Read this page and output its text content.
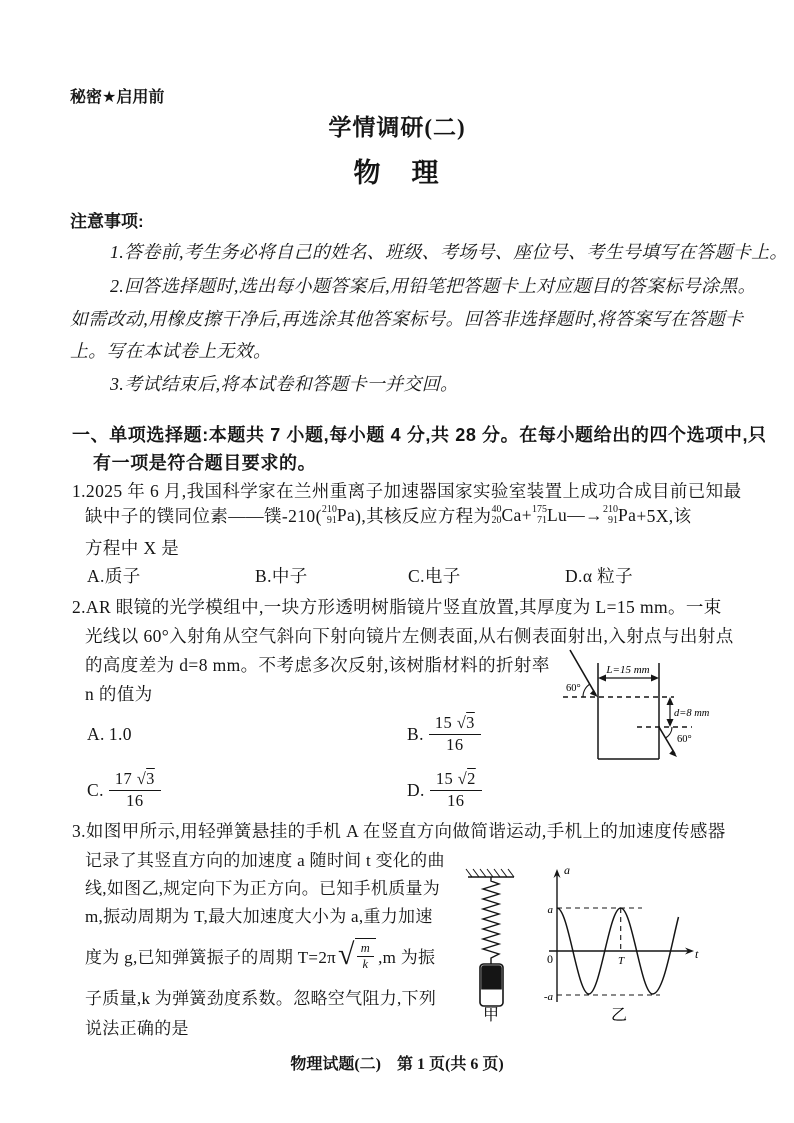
秘密★启用前
学情调研(二)
物　理
注意事项:
1.答卷前,考生务必将自己的姓名、班级、考场号、座位号、考生号填写在答题卡上。
2.回答选择题时,选出每小题答案后,用铅笔把答题卡上对应题目的答案标号涂黑。
如需改动,用橡皮擦干净后,再选涂其他答案标号。回答非选择题时,将答案写在答题卡
上。写在本试卷上无效。
3.考试结束后,将本试卷和答题卡一并交回。
一、单项选择题:本题共 7 小题,每小题 4 分,共 28 分。在每小题给出的四个选项中,只
有一项是符合题目要求的。
1.2025 年 6 月,我国科学家在兰州重离子加速器国家实验室装置上成功合成目前已知最
缺中子的镤同位素——镤-210( 210
91 Pa ),其核反应方程为 40
20 Ca + 175
71 Lu —→ 210
91 Pa +5X,该
方程中 X 是
A.质子	B.中子	C.电子	D.α 粒子
2.AR 眼镜的光学模组中,一块方形透明树脂镜片竖直放置,其厚度为 L=15 mm。一束
光线以 60°入射角从空气斜向下射向镜片左侧表面,从右侧表面射出,入射点与出射点
的高度差为 d=8 mm。不考虑多次反射,该树脂材料的折射率
n 的值为
A. 1.0	B.
15 √3
16
C.
17 √3
16
D.
15 √2
16
L=15 mm
60°
d=8 mm
60°
3.如图甲所示,用轻弹簧悬挂的手机 A 在竖直方向做简谐运动,手机上的加速度传感器
记录了其竖直方向的加速度 a 随时间 t 变化的曲
线,如图乙,规定向下为正方向。已知手机质量为
m,振动周期为 T,最大加速度大小为 a,重力加速
度为 g,已知弹簧振子的周期 T=2π √ m
k ,m 为振
子质量,k 为弹簧劲度系数。忽略空气阻力,下列
说法正确的是
甲
a
0	t
a
-a
T
乙
物理试题(二)　第 1 页(共 6 页)
